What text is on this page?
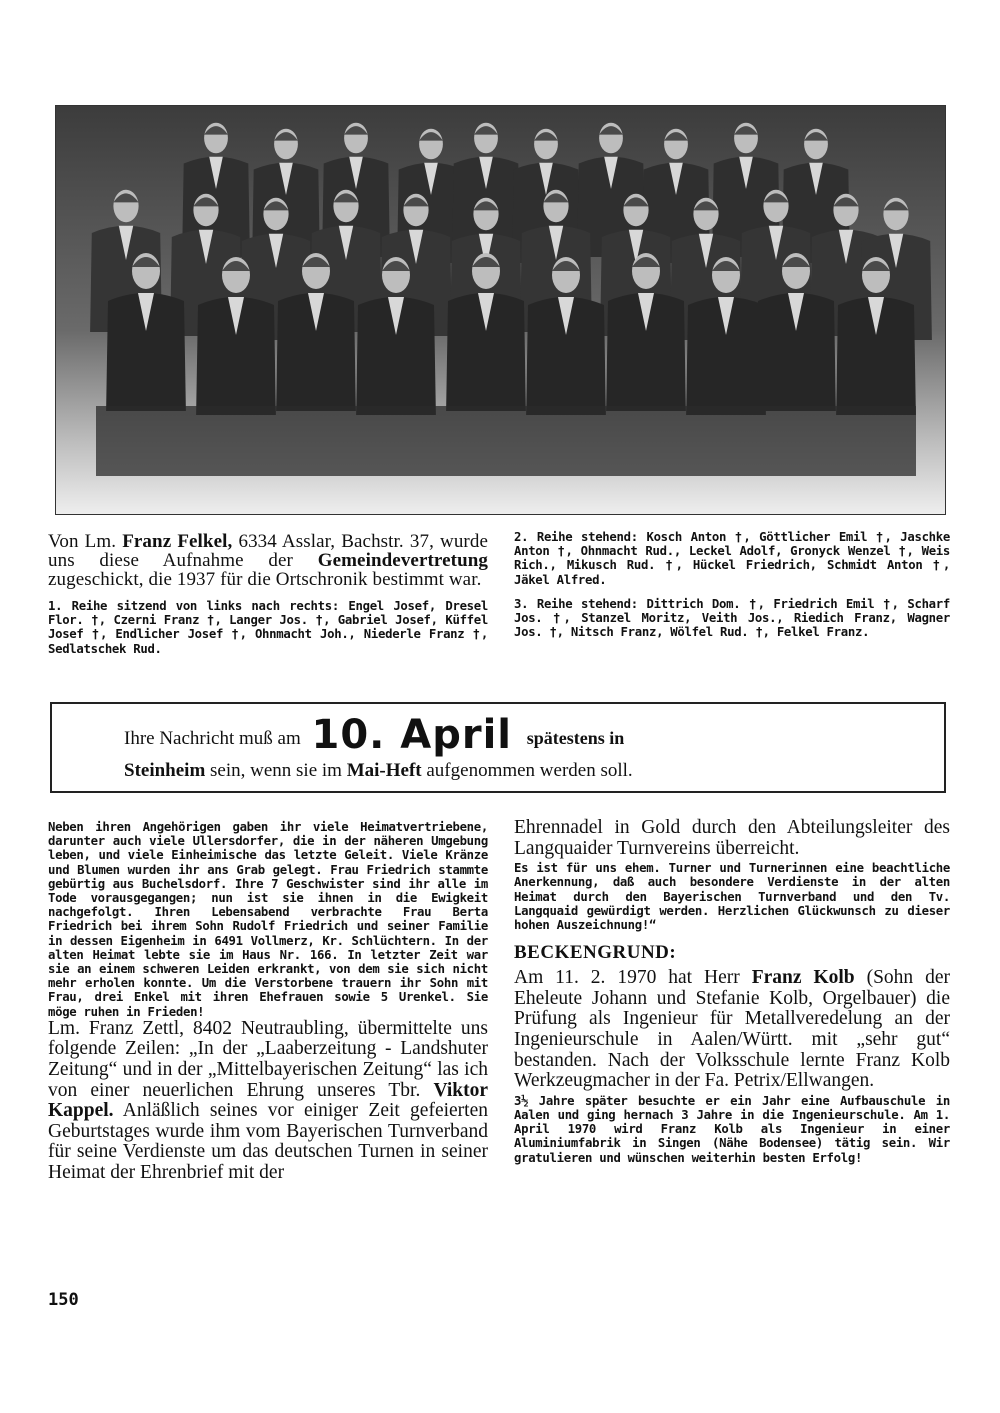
Von Lm. Franz Felkel, 6334 Asslar, Bachstr. 37, wurde uns diese Aufnahme der Gemeindevertretung zugeschickt, die 1937 für die Ortschronik bestimmt war.

1. Reihe sitzend von links nach rechts: Engel Josef, Dresel Flor. †, Czerni Franz †, Langer Jos. †, Gabriel Josef, Küffel Josef †, Endlicher Josef †, Ohnmacht Joh., Niederle Franz †, Sedlatschek Rud.

2. Reihe stehend: Kosch Anton †, Göttlicher Emil †, Jaschke Anton †, Ohnmacht Rud., Leckel Adolf, Gronyck Wenzel †, Weis Rich., Mikusch Rud. †, Hückel Friedrich, Schmidt Anton †, Jäkel Alfred.

3. Reihe stehend: Dittrich Dom. †, Friedrich Emil †, Scharf Jos. †, Stanzel Moritz, Veith Jos., Riedich Franz, Wagner Jos. †, Nitsch Franz, Wölfel Rud. †, Felkel Franz.

Ihre Nachricht muß am 10. April spätestens in
Steinheim sein, wenn sie im Mai-Heft aufgenommen werden soll.

Neben ihren Angehörigen gaben ihr viele Heimatvertriebene, darunter auch viele Ullersdorfer, die in der näheren Umgebung leben, und viele Einheimische das letzte Geleit. Viele Kränze und Blumen wurden ihr ans Grab gelegt. Frau Friedrich stammte gebürtig aus Buchelsdorf. Ihre 7 Geschwister sind ihr alle im Tode vorausgegangen; nun ist sie ihnen in die Ewigkeit nachgefolgt. Ihren Lebensabend verbrachte Frau Berta Friedrich bei ihrem Sohn Rudolf Friedrich und seiner Familie in dessen Eigenheim in 6491 Vollmerz, Kr. Schlüchtern. In der alten Heimat lebte sie im Haus Nr. 166. In letzter Zeit war sie an einem schweren Leiden erkrankt, von dem sie sich nicht mehr erholen konnte. Um die Verstorbene trauern ihr Sohn mit Frau, drei Enkel mit ihren Ehefrauen sowie 5 Urenkel. Sie möge ruhen in Frieden!

Lm. Franz Zettl, 8402 Neutraubling, übermittelte uns folgende Zeilen: „In der „Laaberzeitung - Landshuter Zeitung“ und in der „Mittelbayerischen Zeitung“ las ich von einer neuerlichen Ehrung unseres Tbr. Viktor Kappel. Anläßlich seines vor einiger Zeit gefeierten Geburtstages wurde ihm vom Bayerischen Turnverband für seine Verdienste um das deutschen Turnen in seiner Heimat der Ehrenbrief mit der

Ehrennadel in Gold durch den Abteilungsleiter des Langquaider Turnvereins überreicht.

Es ist für uns ehem. Turner und Turnerinnen eine beachtliche Anerkennung, daß auch besondere Verdienste in der alten Heimat durch den Bayerischen Turnverband und den Tv. Langquaid gewürdigt werden. Herzlichen Glückwunsch zu dieser hohen Auszeichnung!“

BECKENGRUND:

Am 11. 2. 1970 hat Herr Franz Kolb (Sohn der Eheleute Johann und Stefanie Kolb, Orgelbauer) die Prüfung als Ingenieur für Metallveredelung an der Ingenieurschule in Aalen/Württ. mit „sehr gut“ bestanden. Nach der Volksschule lernte Franz Kolb Werkzeugmacher in der Fa. Petrix/Ellwangen.

3½ Jahre später besuchte er ein Jahr eine Aufbauschule in Aalen und ging hernach 3 Jahre in die Ingenieurschule. Am 1. April 1970 wird Franz Kolb als Ingenieur in einer Aluminiumfabrik in Singen (Nähe Bodensee) tätig sein. Wir gratulieren und wünschen weiterhin besten Erfolg!

150
